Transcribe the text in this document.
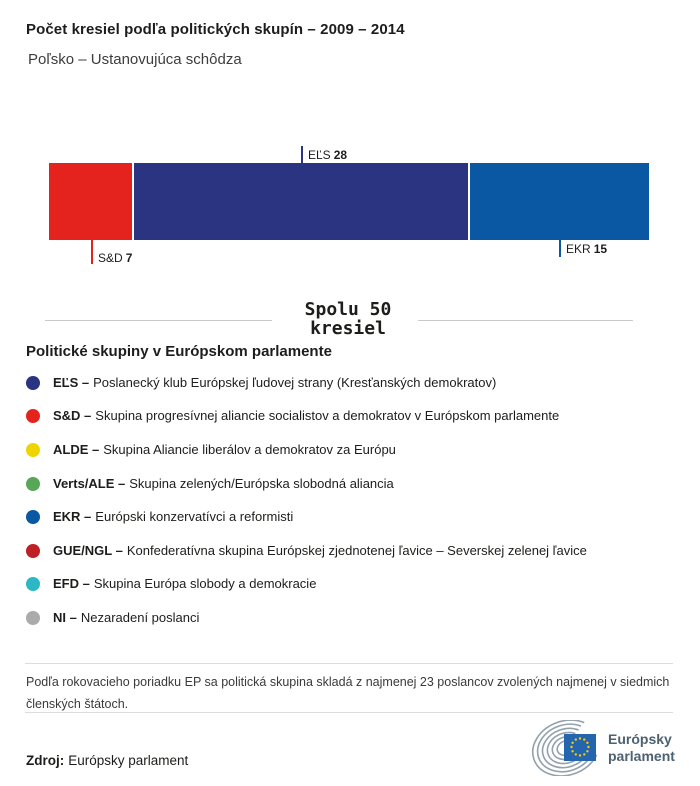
Počet kresiel podľa politických skupín – 2009 – 2014
Poľsko – Ustanovujúca schôdza
EĽS 28
S&D 7
EKR 15
Spolu 50
kresiel
Politické skupiny v Európskom parlamente
EĽS – Poslanecký klub Európskej ľudovej strany (Kresťanských demokratov)
S&D – Skupina progresívnej aliancie socialistov a demokratov v Európskom parlamente
ALDE – Skupina Aliancie liberálov a demokratov za Európu
Verts/ALE – Skupina zelených/Európska slobodná aliancia
EKR – Európski konzervatívci a reformisti
GUE/NGL – Konfederatívna skupina Európskej zjednotenej ľavice – Severskej zelenej ľavice
EFD – Skupina Európa slobody a demokracie
NI – Nezaradení poslanci
Podľa rokovacieho poriadku EP sa politická skupina skladá z najmenej 23 poslancov zvolených najmenej v siedmich členských štátoch.
Zdroj: Európsky parlament
Európsky
parlament
